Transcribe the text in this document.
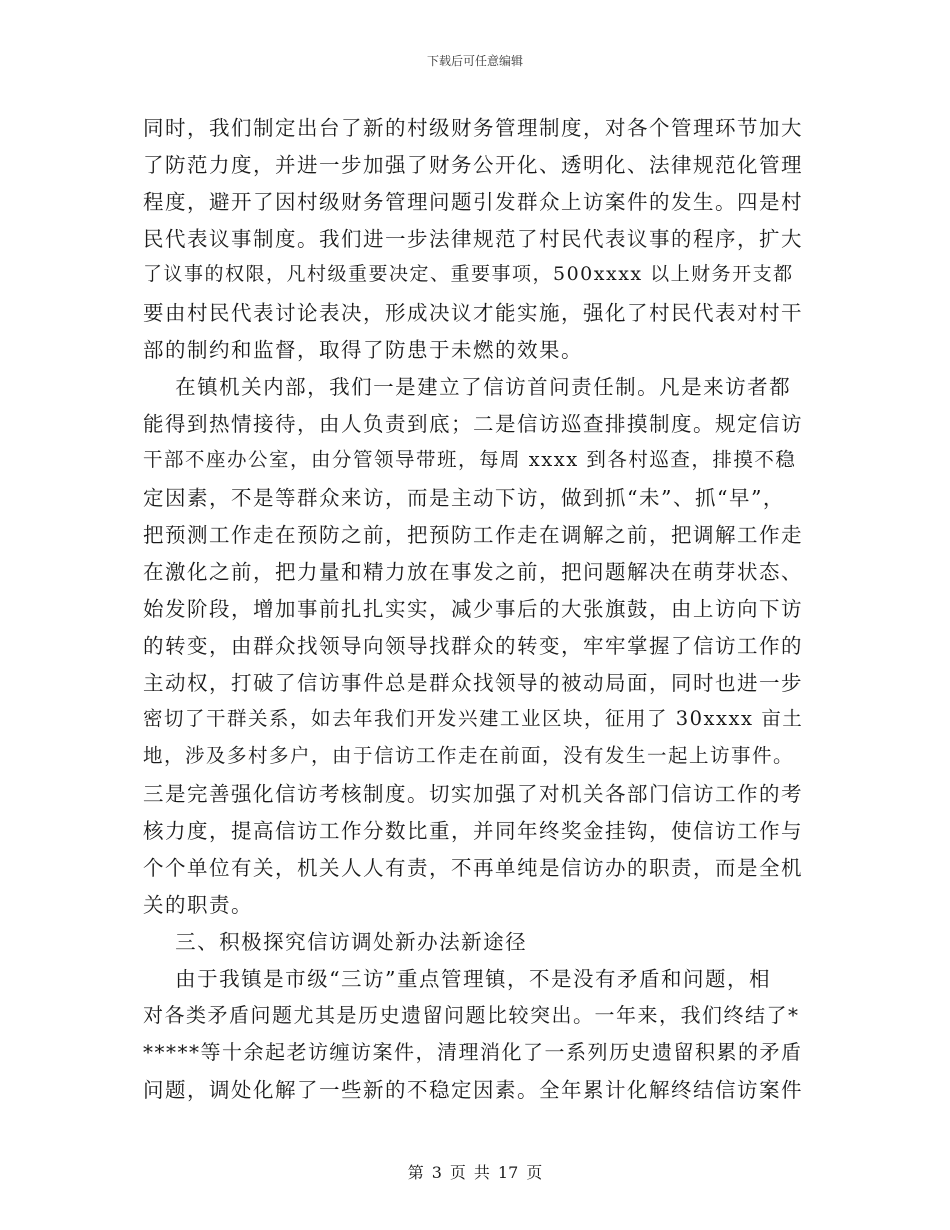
下载后可任意编辑
同时，我们制定出台了新的村级财务管理制度，对各个管理环节加大
了防范力度，并进一步加强了财务公开化、透明化、法律规范化管理
程度，避开了因村级财务管理问题引发群众上访案件的发生。四是村
民代表议事制度。我们进一步法律规范了村民代表议事的程序，扩大
了议事的权限，凡村级重要决定、重要事项，500xxxx 以上财务开支都
要由村民代表讨论表决，形成决议才能实施，强化了村民代表对村干
部的制约和监督，取得了防患于未燃的效果。
在镇机关内部，我们一是建立了信访首问责任制。凡是来访者都
能得到热情接待，由人负责到底；二是信访巡查排摸制度。规定信访
干部不座办公室，由分管领导带班，每周 xxxx 到各村巡查，排摸不稳
定因素，不是等群众来访，而是主动下访，做到抓“未”、抓“早”，
把预测工作走在预防之前，把预防工作走在调解之前，把调解工作走
在激化之前，把力量和精力放在事发之前，把问题解决在萌芽状态、
始发阶段，增加事前扎扎实实，减少事后的大张旗鼓，由上访向下访
的转变，由群众找领导向领导找群众的转变，牢牢掌握了信访工作的
主动权，打破了信访事件总是群众找领导的被动局面，同时也进一步
密切了干群关系，如去年我们开发兴建工业区块，征用了 30xxxx 亩土
地，涉及多村多户，由于信访工作走在前面，没有发生一起上访事件。
三是完善强化信访考核制度。切实加强了对机关各部门信访工作的考
核力度，提高信访工作分数比重，并同年终奖金挂钩，使信访工作与
个个单位有关，机关人人有责，不再单纯是信访办的职责，而是全机
关的职责。
三、积极探究信访调处新办法新途径
由于我镇是市级“三访”重点管理镇，不是没有矛盾和问题，相
对各类矛盾问题尤其是历史遗留问题比较突出。一年来，我们终结了*
*****等十余起老访缠访案件，清理消化了一系列历史遗留积累的矛盾
问题，调处化解了一些新的不稳定因素。全年累计化解终结信访案件
第 3 页 共 17 页
